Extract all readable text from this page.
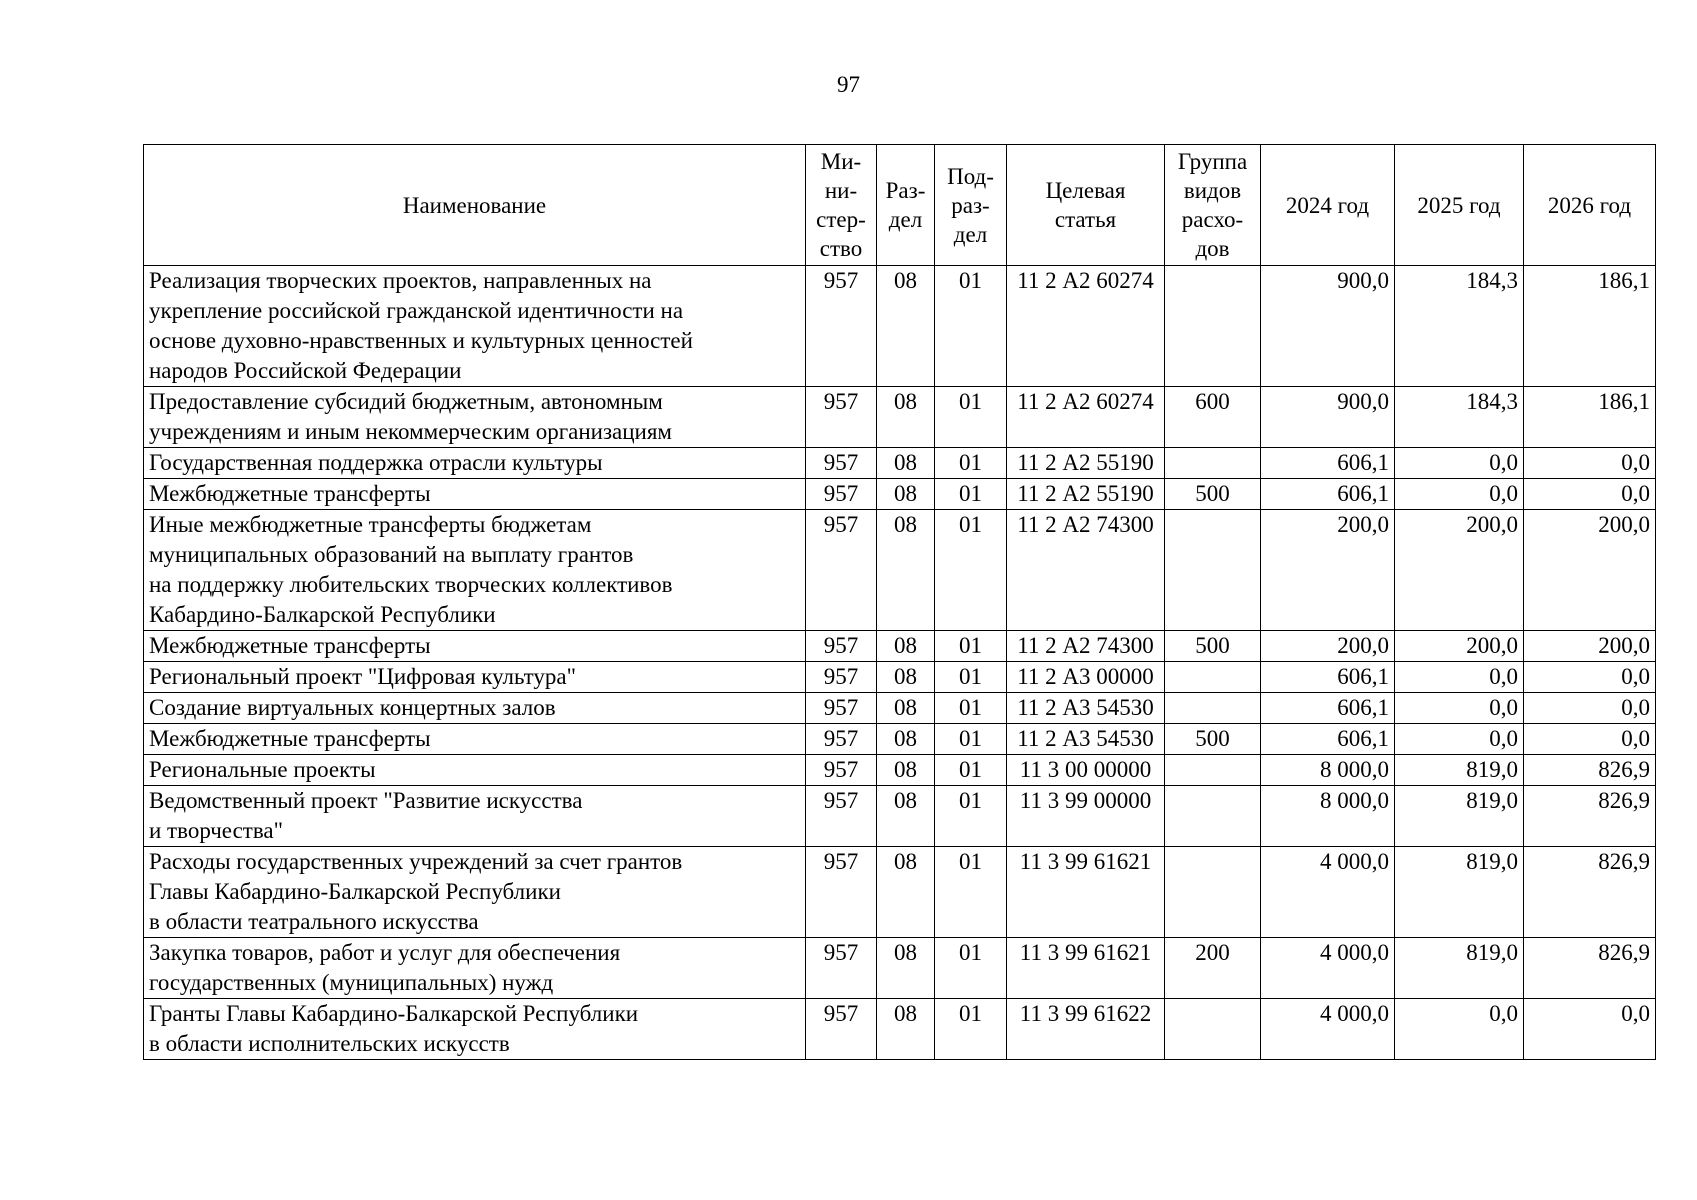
97
Наименование	Ми-
ни-
стер-
ство	Раз-
дел	Под-
раз-
дел	Целевая
статья	Группа
видов
расхо-
дов	2024 год	2025 год	2026 год
Реализация творческих проектов, направленных на
укрепление российской гражданской идентичности на
основе духовно-нравственных и культурных ценностей
народов Российской Федерации	957	08	01	11 2 А2 60274		900,0	184,3	186,1
Предоставление субсидий бюджетным, автономным
учреждениям и иным некоммерческим организациям	957	08	01	11 2 А2 60274	600	900,0	184,3	186,1
Государственная поддержка отрасли культуры	957	08	01	11 2 А2 55190		606,1	0,0	0,0
Межбюджетные трансферты	957	08	01	11 2 А2 55190	500	606,1	0,0	0,0
Иные межбюджетные трансферты бюджетам
муниципальных образований на выплату грантов
на поддержку любительских творческих коллективов
Кабардино-Балкарской Республики	957	08	01	11 2 А2 74300		200,0	200,0	200,0
Межбюджетные трансферты	957	08	01	11 2 А2 74300	500	200,0	200,0	200,0
Региональный проект "Цифровая культура"	957	08	01	11 2 А3 00000		606,1	0,0	0,0
Создание виртуальных концертных залов	957	08	01	11 2 А3 54530		606,1	0,0	0,0
Межбюджетные трансферты	957	08	01	11 2 А3 54530	500	606,1	0,0	0,0
Региональные проекты	957	08	01	11 3 00 00000		8 000,0	819,0	826,9
Ведомственный проект "Развитие искусства
и творчества"	957	08	01	11 3 99 00000		8 000,0	819,0	826,9
Расходы государственных учреждений за счет грантов
Главы Кабардино-Балкарской Республики
в области театрального искусства	957	08	01	11 3 99 61621		4 000,0	819,0	826,9
Закупка товаров, работ и услуг для обеспечения
государственных (муниципальных) нужд	957	08	01	11 3 99 61621	200	4 000,0	819,0	826,9
Гранты Главы Кабардино-Балкарской Республики
в области исполнительских искусств	957	08	01	11 3 99 61622		4 000,0	0,0	0,0
